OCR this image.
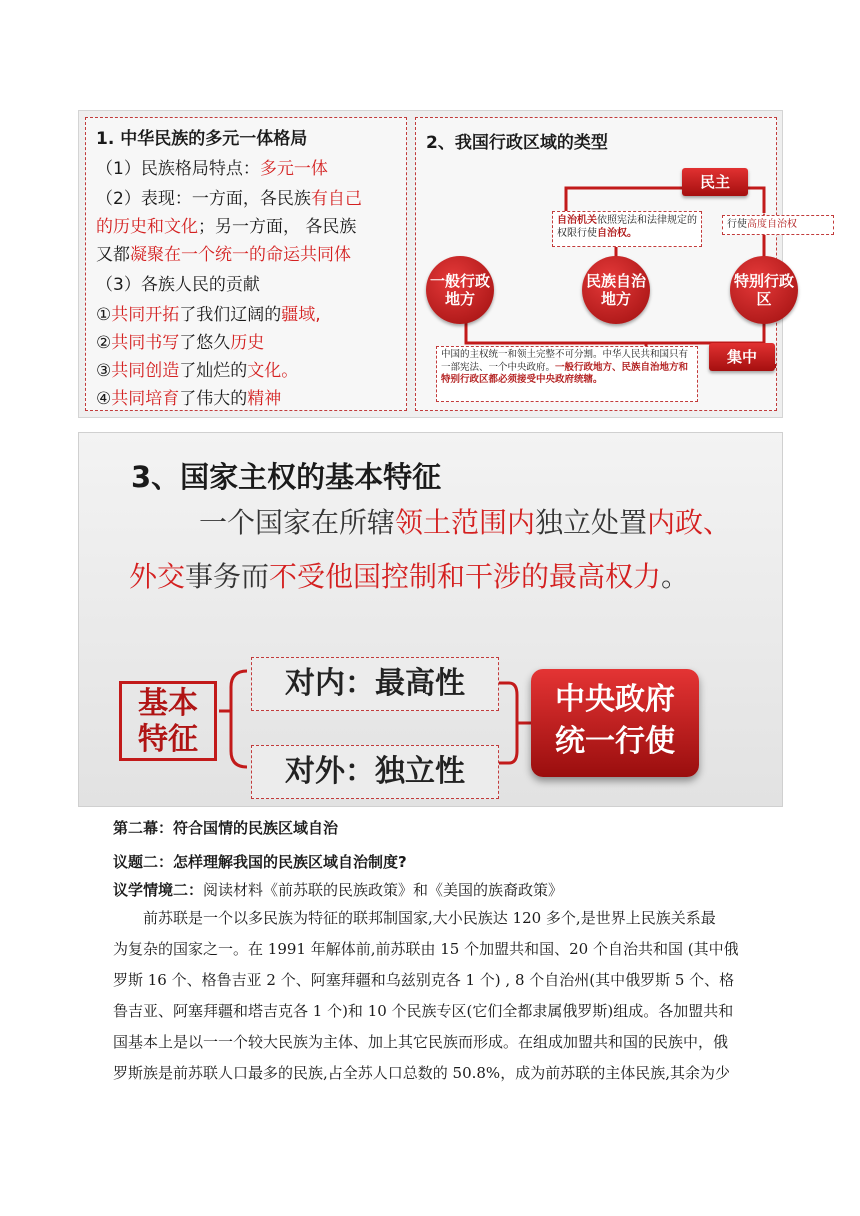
1. 中华民族的多元一体格局
（1）民族格局特点：多元一体
（2）表现：一方面，各民族有自己
的历史和文化；另一方面， 各民族
又都凝聚在一个统一的命运共同体
（3）各族人民的贡献
①共同开拓了我们辽阔的疆域,
②共同书写了悠久历史
③共同创造了灿烂的文化。
④共同培育了伟大的精神
2、我国行政区域的类型
民主
自治机关依照宪法和法律规定的权限行使自治权。
行使高度自治权
一般行政地方
民族自治地方
特别行政区
中国的主权统一和领土完整不可分割。中华人民共和国只有一部宪法、一个中央政府。一般行政地方、民族自治地方和特别行政区都必须接受中央政府统辖。
集中
3、国家主权的基本特征
一个国家在所辖领土范围内独立处置内政、
外交事务而不受他国控制和干涉的最高权力。
基本特征
对内：最高性
对外：独立性
中央政府统一行使
第二幕：符合国情的民族区域自治
议题二：怎样理解我国的民族区域自治制度?
议学情境二：阅读材料《前苏联的民族政策》和《美国的族裔政策》
前苏联是一个以多民族为特征的联邦制国家,大小民族达 120 多个,是世界上民族关系最
为复杂的国家之一。在 1991 年解体前,前苏联由 15 个加盟共和国、20 个自治共和国 (其中俄
罗斯 16 个、格鲁吉亚 2 个、阿塞拜疆和乌兹别克各 1 个) , 8 个自治州(其中俄罗斯 5 个、格
鲁吉亚、阿塞拜疆和塔吉克各 1 个)和 10 个民族专区(它们全都隶属俄罗斯)组成。各加盟共和
国基本上是以一一个较大民族为主体、加上其它民族而形成。在组成加盟共和国的民族中，俄
罗斯族是前苏联人口最多的民族,占全苏人口总数的 50.8%，成为前苏联的主体民族,其余为少
